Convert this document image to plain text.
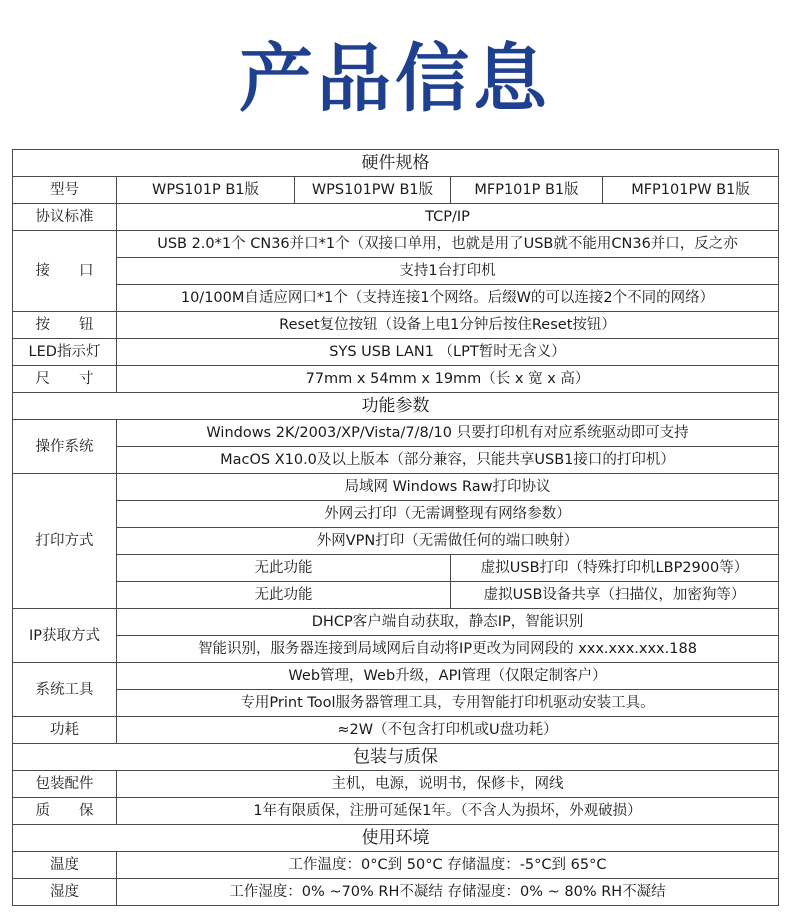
产品信息
硬件规格				
型号	WPS101P B1版	WPS101PW B1版	MFP101P B1版	MFP101PW B1版
协议标准	TCP/IP			
接　　口	USB 2.0*1个 CN36并口*1个（双接口单用，也就是用了USB就不能用CN36并口，反之亦			
	支持1台打印机			
	10/100M自适应网口*1个（支持连接1个网络。后缀W的可以连接2个不同的网络）			
按　　钮	Reset复位按钮（设备上电1分钟后按住Reset按钮）			
LED指示灯	SYS USB LAN1 （LPT暂时无含义）			
尺　　寸	77mm x 54mm x 19mm（长 x 宽 x 高）			
功能参数				
操作系统	Windows 2K/2003/XP/Vista/7/8/10 只要打印机有对应系统驱动即可支持			
	MacOS X10.0及以上版本（部分兼容，只能共享USB1接口的打印机）			
打印方式	局域网 Windows Raw打印协议			
	外网云打印（无需调整现有网络参数）			
	外网VPN打印（无需做任何的端口映射）			
	无此功能		虚拟USB打印（特殊打印机LBP2900等）	
	无此功能		虚拟USB设备共享（扫描仪，加密狗等）	
IP获取方式	DHCP客户端自动获取，静态IP，智能识别			
	智能识别，服务器连接到局域网后自动将IP更改为同网段的 xxx.xxx.xxx.188			
系统工具	Web管理，Web升级，API管理（仅限定制客户）			
	专用Print Tool服务器管理工具，专用智能打印机驱动安装工具。			
功耗	≈2W（不包含打印机或U盘功耗）			
包装与质保				
包装配件	主机，电源，说明书，保修卡，网线			
质　　保	1年有限质保，注册可延保1年。（不含人为损坏，外观破损）			
使用环境				
温度	工作温度：0°C到 50°C 存储温度：-5°C到 65°C			
湿度	工作湿度：0% ~70% RH不凝结 存储湿度：0% ~ 80% RH不凝结			
